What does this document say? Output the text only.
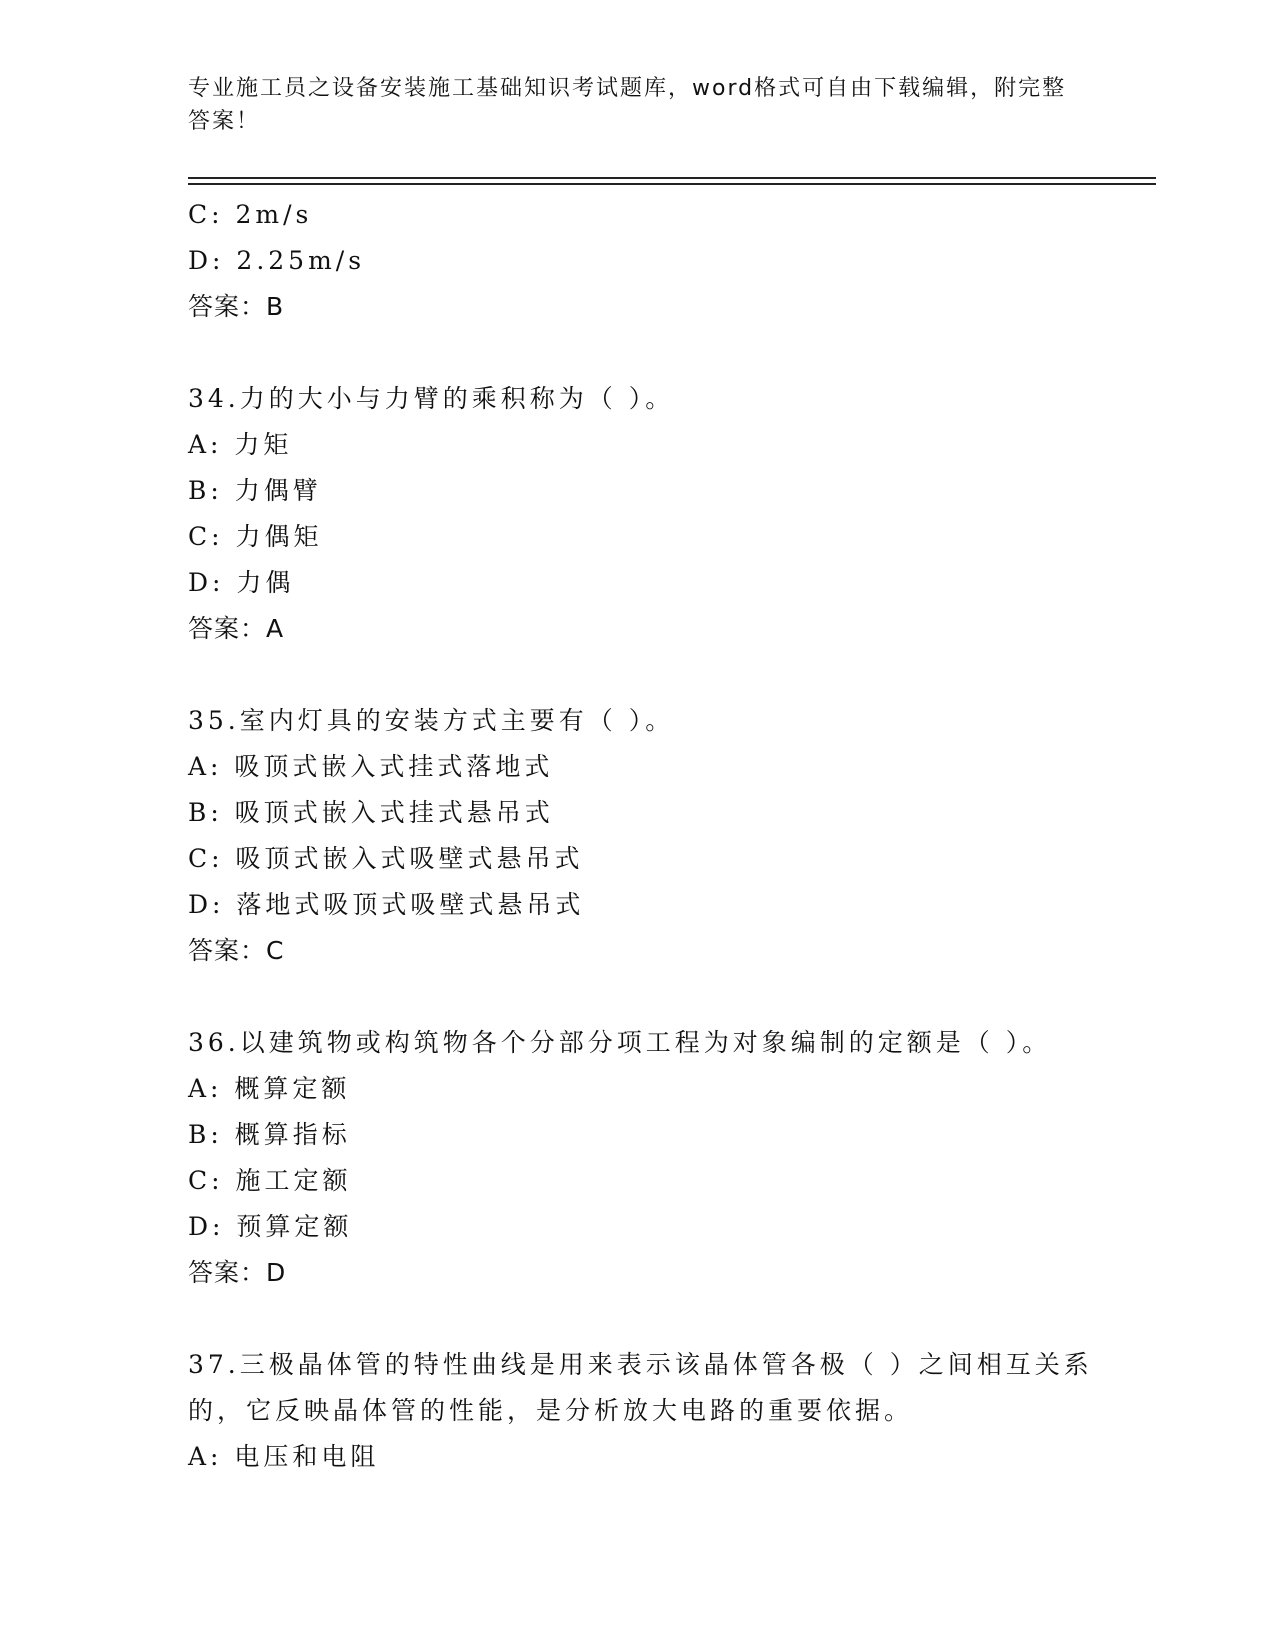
专业施工员之设备安装施工基础知识考试题库，word格式可自由下载编辑，附完整答案！
C: 2m/s
D: 2.25m/s
答案：B
34.力的大小与力臂的乘积称为（ ）。
A: 力矩
B: 力偶臂
C: 力偶矩
D: 力偶
答案：A
35.室内灯具的安装方式主要有（ ）。
A: 吸顶式嵌入式挂式落地式
B: 吸顶式嵌入式挂式悬吊式
C: 吸顶式嵌入式吸壁式悬吊式
D: 落地式吸顶式吸壁式悬吊式
答案：C
36.以建筑物或构筑物各个分部分项工程为对象编制的定额是（ ）。
A: 概算定额
B: 概算指标
C: 施工定额
D: 预算定额
答案：D
37.三极晶体管的特性曲线是用来表示该晶体管各极（ ）之间相互关系的，它反映晶体管的性能，是分析放大电路的重要依据。
A: 电压和电阻
